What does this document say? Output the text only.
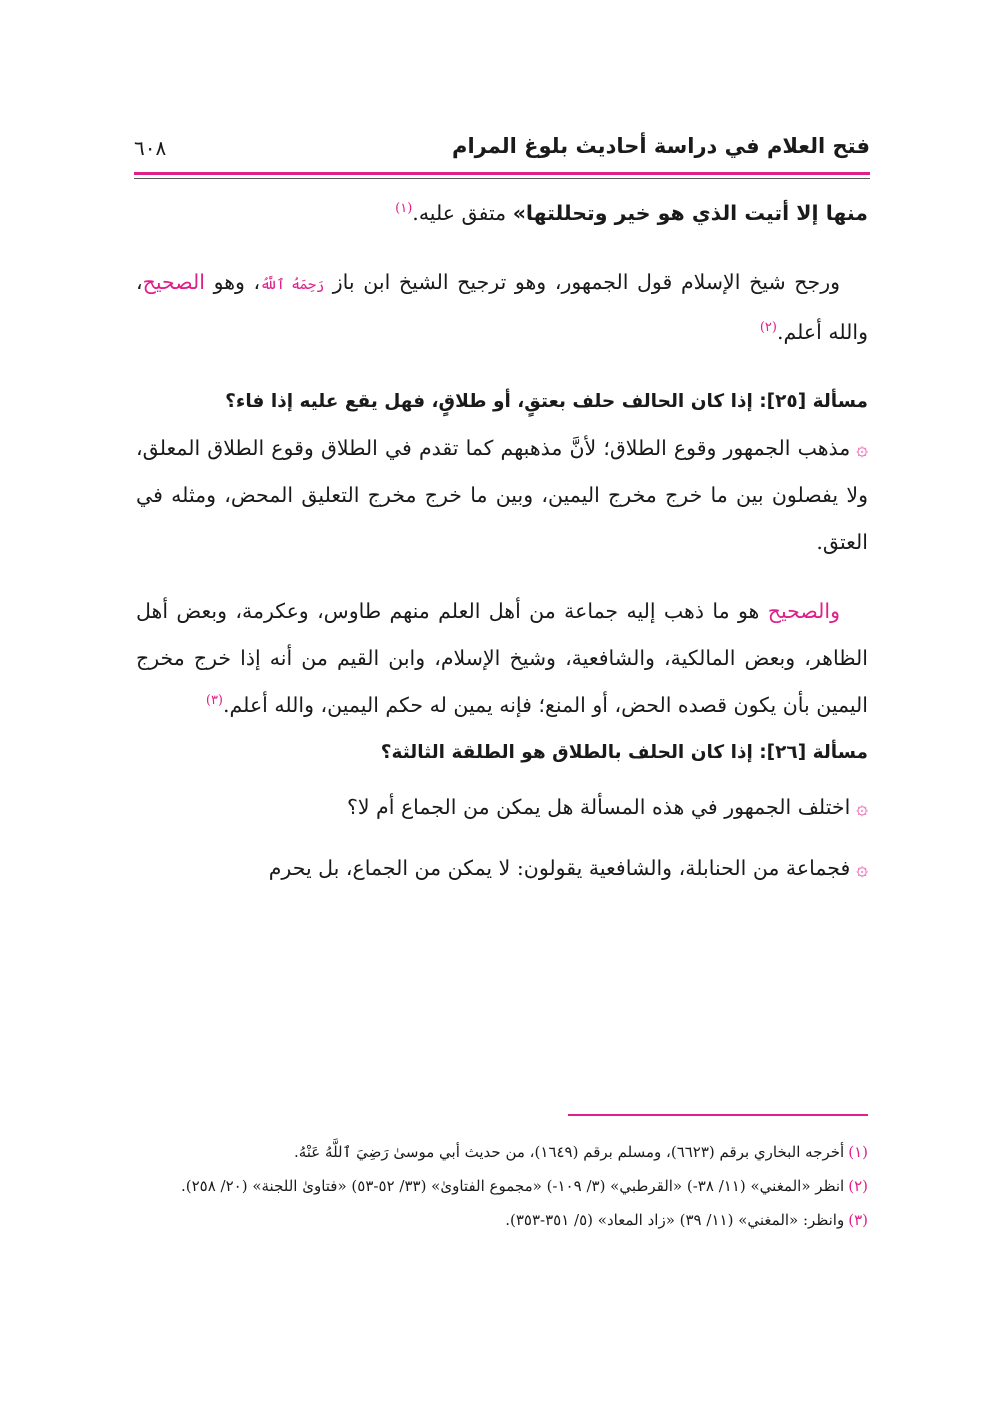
فتح العلام في دراسة أحاديث بلوغ المرام
٦٠٨

منها إلا أتيت الذي هو خير وتحللتها» متفق عليه.$^{(١)}$

ورجح شيخ الإسلام قول الجمهور، وهو ترجيح الشيخ ابن باز رَحِمَهُ ٱللَّهُ، وهو الصحيح، والله أعلم.$^{(٢)}$

مسألة [٢٥]: إذا كان الحالف حلف بعتقٍ، أو طلاقٍ، فهل يقع عليه إذا فاء؟

۞مذهب الجمهور وقوع الطلاق؛ لأنَّ مذهبهم كما تقدم في الطلاق وقوع الطلاق المعلق، ولا يفصلون بين ما خرج مخرج اليمين، وبين ما خرج مخرج التعليق المحض، ومثله في العتق.

والصحيح هو ما ذهب إليه جماعة من أهل العلم منهم طاوس، وعكرمة، وبعض أهل الظاهر، وبعض المالكية، والشافعية، وشيخ الإسلام، وابن القيم من أنه إذا خرج مخرج اليمين بأن يكون قصده الحض، أو المنع؛ فإنه يمين له حكم اليمين، والله أعلم.$^{(٣)}$

مسألة [٢٦]: إذا كان الحلف بالطلاق هو الطلقة الثالثة؟

۞اختلف الجمهور في هذه المسألة هل يمكن من الجماع أم لا؟

۞فجماعة من الحنابلة، والشافعية يقولون: لا يمكن من الجماع، بل يحرم

(١)أخرجه البخاري برقم (٦٦٢٣)، ومسلم برقم (١٦٤٩)، من حديث أبي موسىٰ رَضِيَ ٱللَّهُ عَنْهُ.

(٢)انظر «المغني» (١١/ ٣٨-) «القرطبي» (٣/ ١٠٩-) «مجموع الفتاوىٰ» (٣٣/ ٥٢-٥٣) «فتاوىٰ اللجنة» (٢٠/ ٢٥٨).

(٣)وانظر: «المغني» (١١/ ٣٩) «زاد المعاد» (٥/ ٣٥١-٣٥٣).
